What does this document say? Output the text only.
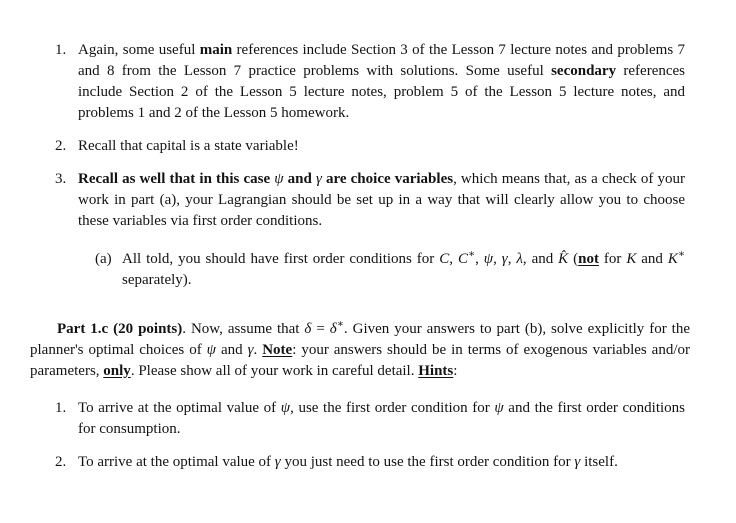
1. Again, some useful main references include Section 3 of the Lesson 7 lecture notes and problems 7 and 8 from the Lesson 7 practice problems with solutions. Some useful secondary references include Section 2 of the Lesson 5 lecture notes, problem 5 of the Lesson 5 lecture notes, and problems 1 and 2 of the Lesson 5 homework.
2. Recall that capital is a state variable!
3. Recall as well that in this case ψ and γ are choice variables, which means that, as a check of your work in part (a), your Lagrangian should be set up in a way that will clearly allow you to choose these variables via first order conditions.
(a) All told, you should have first order conditions for C, C∗, ψ, γ, λ, and K̂ (not for K and K∗ separately).

Part 1.c (20 points). Now, assume that δ = δ∗. Given your answers to part (b), solve explicitly for the planner's optimal choices of ψ and γ. Note: your answers should be in terms of exogenous variables and/or parameters, only. Please show all of your work in careful detail. Hints:

1. To arrive at the optimal value of ψ, use the first order condition for ψ and the first order conditions for consumption.
2. To arrive at the optimal value of γ you just need to use the first order condition for γ itself.
